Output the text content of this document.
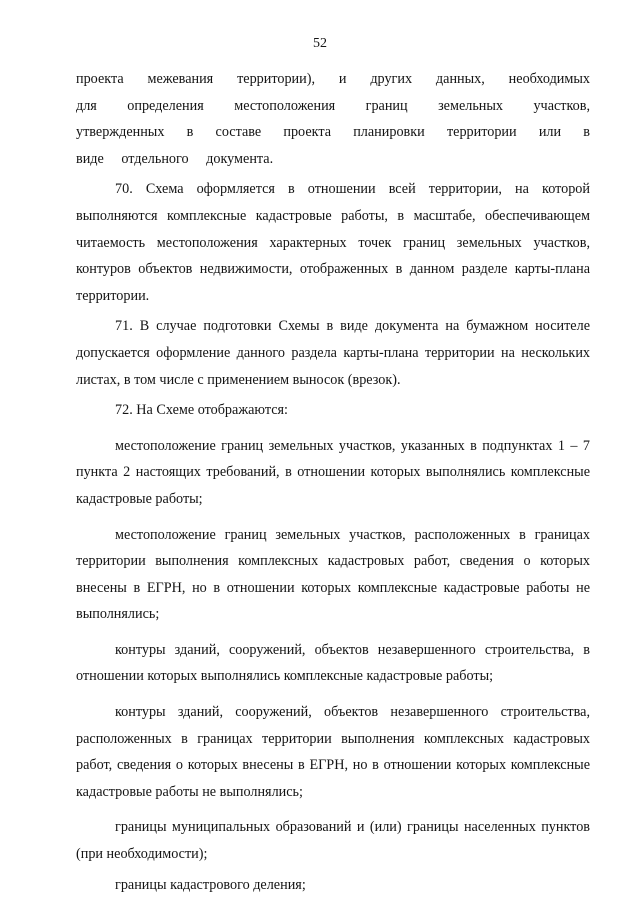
52

проекта межевания территории), и других данных, необходимых для определения местоположения границ земельных участков, утвержденных в составе проекта планировки территории или в виде отдельного документа.

70. Схема оформляется в отношении всей территории, на которой выполняются комплексные кадастровые работы, в масштабе, обеспечивающем читаемость местоположения характерных точек границ земельных участков, контуров объектов недвижимости, отображенных в данном разделе карты-плана территории.

71. В случае подготовки Схемы в виде документа на бумажном носителе допускается оформление данного раздела карты-плана территории на нескольких листах, в том числе с применением выносок (врезок).

72. На Схеме отображаются:

местоположение границ земельных участков, указанных в подпунктах 1 – 7 пункта 2 настоящих требований, в отношении которых выполнялись комплексные кадастровые работы;

местоположение границ земельных участков, расположенных в границах территории выполнения комплексных кадастровых работ, сведения о которых внесены в ЕГРН, но в отношении которых комплексные кадастровые работы не выполнялись;

контуры зданий, сооружений, объектов незавершенного строительства, в отношении которых выполнялись комплексные кадастровые работы;

контуры зданий, сооружений, объектов незавершенного строительства, расположенных в границах территории выполнения комплексных кадастровых работ, сведения о которых внесены в ЕГРН, но в отношении которых комплексные кадастровые работы не выполнялись;

границы муниципальных образований и (или) границы населенных пунктов (при необходимости);

границы кадастрового деления;
